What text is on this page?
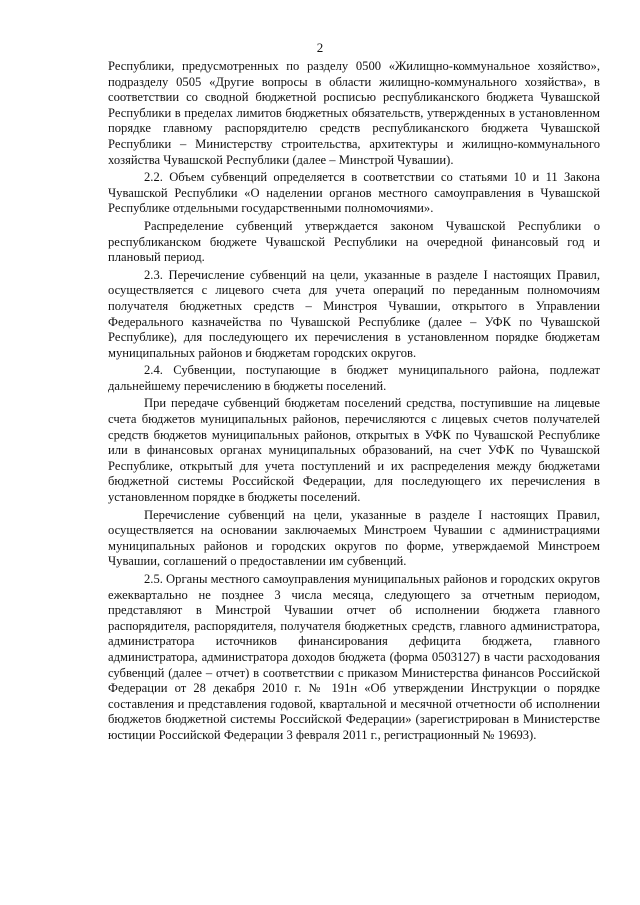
2

Республики, предусмотренных по разделу 0500 «Жилищно-коммунальное хозяйство», подразделу 0505 «Другие вопросы в области жилищно-коммунального хозяйства», в соответствии со сводной бюджетной росписью республиканского бюджета Чувашской Республики в пределах лимитов бюджетных обязательств, утвержденных в установленном порядке главному распорядителю средств республиканского бюджета Чувашской Республики – Министерству строительства, архитектуры и жилищно-коммунального хозяйства Чувашской Республики (далее – Минстрой Чувашии).

2.2. Объем субвенций определяется в соответствии со статьями 10 и 11 Закона Чувашской Республики «О наделении органов местного самоуправления в Чувашской Республике отдельными государственными полномочиями».

Распределение субвенций утверждается законом Чувашской Республики о республиканском бюджете Чувашской Республики на очередной финансовый год и плановый период.

2.3. Перечисление субвенций на цели, указанные в разделе I настоящих Правил, осуществляется с лицевого счета для учета операций по переданным полномочиям получателя бюджетных средств – Минстроя Чувашии, открытого в Управлении Федерального казначейства по Чувашской Республике (далее – УФК по Чувашской Республике), для последующего их перечисления в установленном порядке бюджетам муниципальных районов и бюджетам городских округов.

2.4. Субвенции, поступающие в бюджет муниципального района, подлежат дальнейшему перечислению в бюджеты поселений.

При передаче субвенций бюджетам поселений средства, поступившие на лицевые счета бюджетов муниципальных районов, перечисляются с лицевых счетов получателей средств бюджетов муниципальных районов, открытых в УФК по Чувашской Республике или в финансовых органах муниципальных образований, на счет УФК по Чувашской Республике, открытый для учета поступлений и их распределения между бюджетами бюджетной системы Российской Федерации, для последующего их перечисления в установленном порядке в бюджеты поселений.

Перечисление субвенций на цели, указанные в разделе I настоящих Правил, осуществляется на основании заключаемых Минстроем Чувашии с администрациями муниципальных районов и городских округов по форме, утверждаемой Минстроем Чувашии, соглашений о предоставлении им субвенций.

2.5. Органы местного самоуправления муниципальных районов и городских округов ежеквартально не позднее 3 числа месяца, следующего за отчетным периодом, представляют в Минстрой Чувашии отчет об исполнении бюджета главного распорядителя, распорядителя, получателя бюджетных средств, главного администратора, администратора источников финансирования дефицита бюджета, главного администратора, администратора доходов бюджета (форма 0503127) в части расходования субвенций (далее – отчет) в соответствии с приказом Министерства финансов Российской Федерации от 28 декабря 2010 г. № 191н «Об утверждении Инструкции о порядке составления и представления годовой, квартальной и месячной отчетности об исполнении бюджетов бюджетной системы Российской Федерации» (зарегистрирован в Министерстве юстиции Российской Федерации 3 февраля 2011 г., регистрационный № 19693).
